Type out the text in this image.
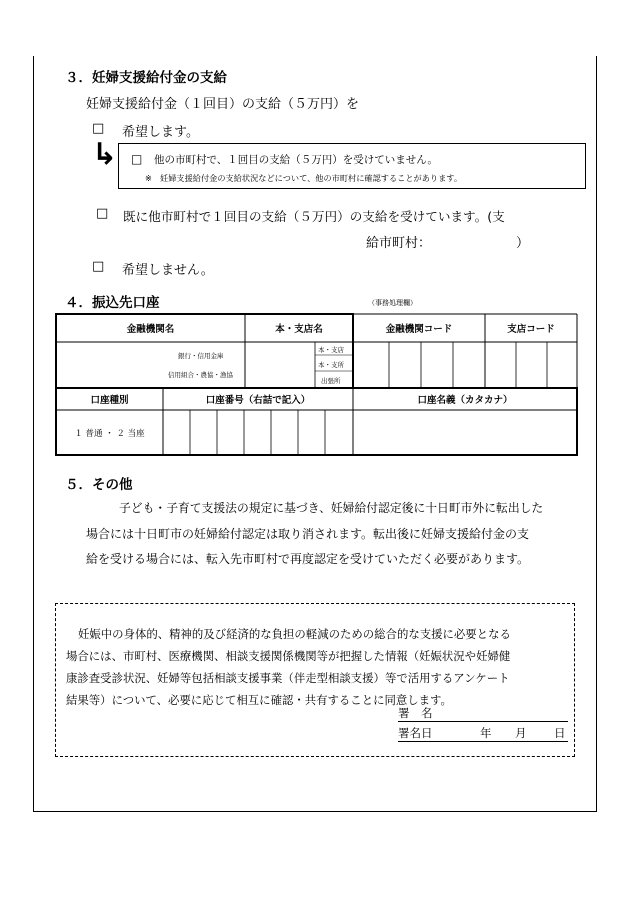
３．妊婦支援給付金の支給
妊婦支援給付金（１回目）の支給（５万円）を
□ 希望します。
↳ □ 他の市町村で、１回目の支給（５万円）を受けていません。
※　妊婦支援給付金の支給状況などについて、他の市町村に確認することがあります。
□ 既に他市町村で１回目の支給（５万円）の支給を受けています。(支
給市町村：	）
□ 希望しません。
４．振込先口座	（事務処理欄）
金融機関名	本・支店名	金融機関コード	支店コード
銀行・信用金庫
信用組合・農協・漁協
本・支店
本・支所
出張所
口座種別	口座番号（右詰で記入）	口座名義（カタカナ）
１ 普通 ・ ２ 当座
５．その他
子ども・子育て支援法の規定に基づき、妊婦給付認定後に十日町市外に転出した
場合には十日町市の妊婦給付認定は取り消されます。転出後に妊婦支援給付金の支
給を受ける場合には、転入先市町村で再度認定を受けていただく必要があります。
妊娠中の身体的、精神的及び経済的な負担の軽減のための総合的な支援に必要となる
場合には、市町村、医療機関、相談支援関係機関等が把握した情報（妊娠状況や妊婦健
康診査受診状況、妊婦等包括相談支援事業（伴走型相談支援）等で活用するアンケート
結果等）について、必要に応じて相互に確認・共有することに同意します。
署　名
署名日	年 月 日
